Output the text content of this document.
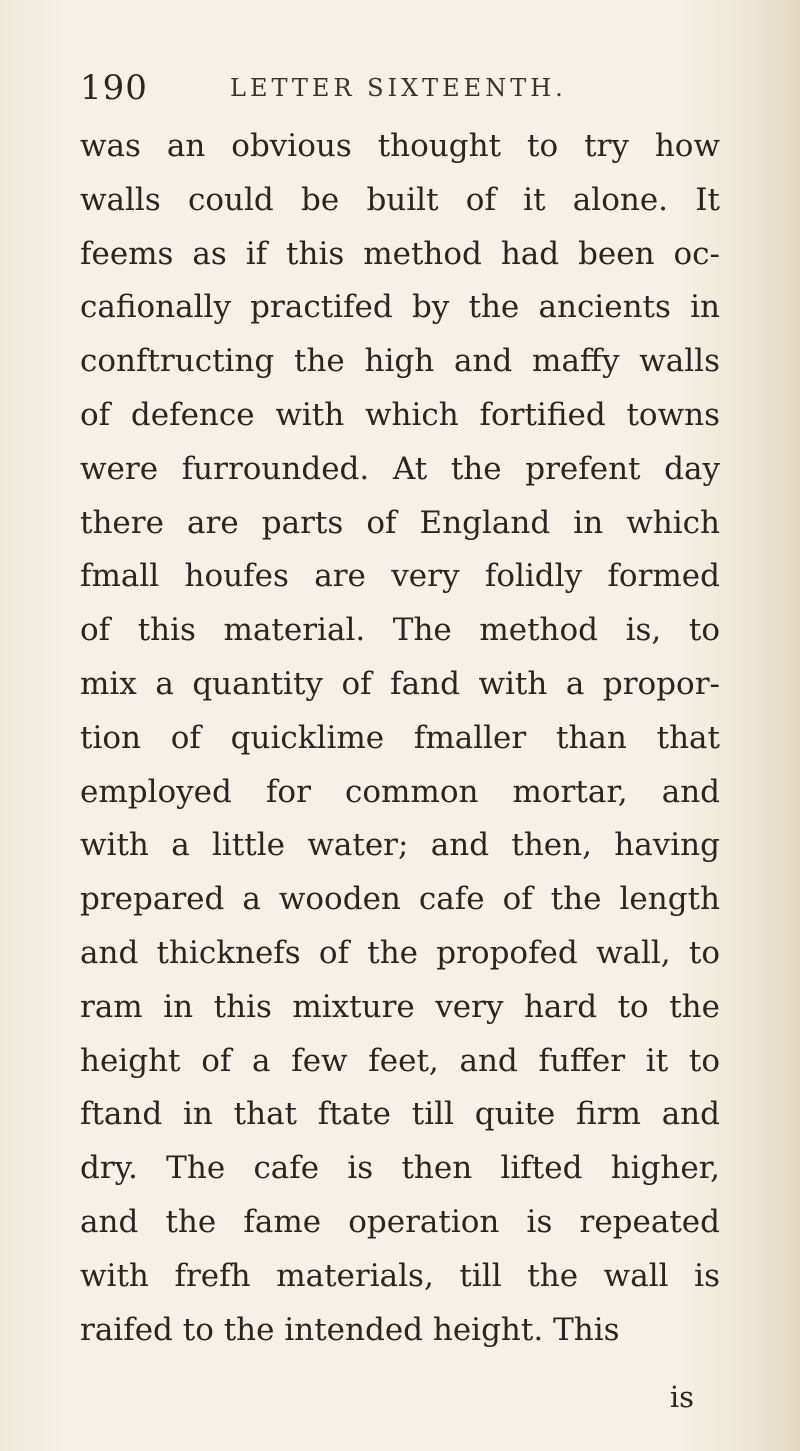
190	LETTER SIXTEENTH.
was an obvious thought to try how
walls could be built of it alone. It
feems as if this method had been oc-
cafionally practifed by the ancients in
conftructing the high and maffy walls
of defence with which fortified towns
were furrounded. At the prefent day
there are parts of England in which
fmall houfes are very folidly formed
of this material. The method is, to
mix a quantity of fand with a propor-
tion of quicklime fmaller than that
employed for common mortar, and
with a little water; and then, having
prepared a wooden cafe of the length
and thicknefs of the propofed wall, to
ram in this mixture very hard to the
height of a few feet, and fuffer it to
ftand in that ftate till quite firm and
dry. The cafe is then lifted higher,
and the fame operation is repeated
with frefh materials, till the wall is
raifed to the intended height. This
is
